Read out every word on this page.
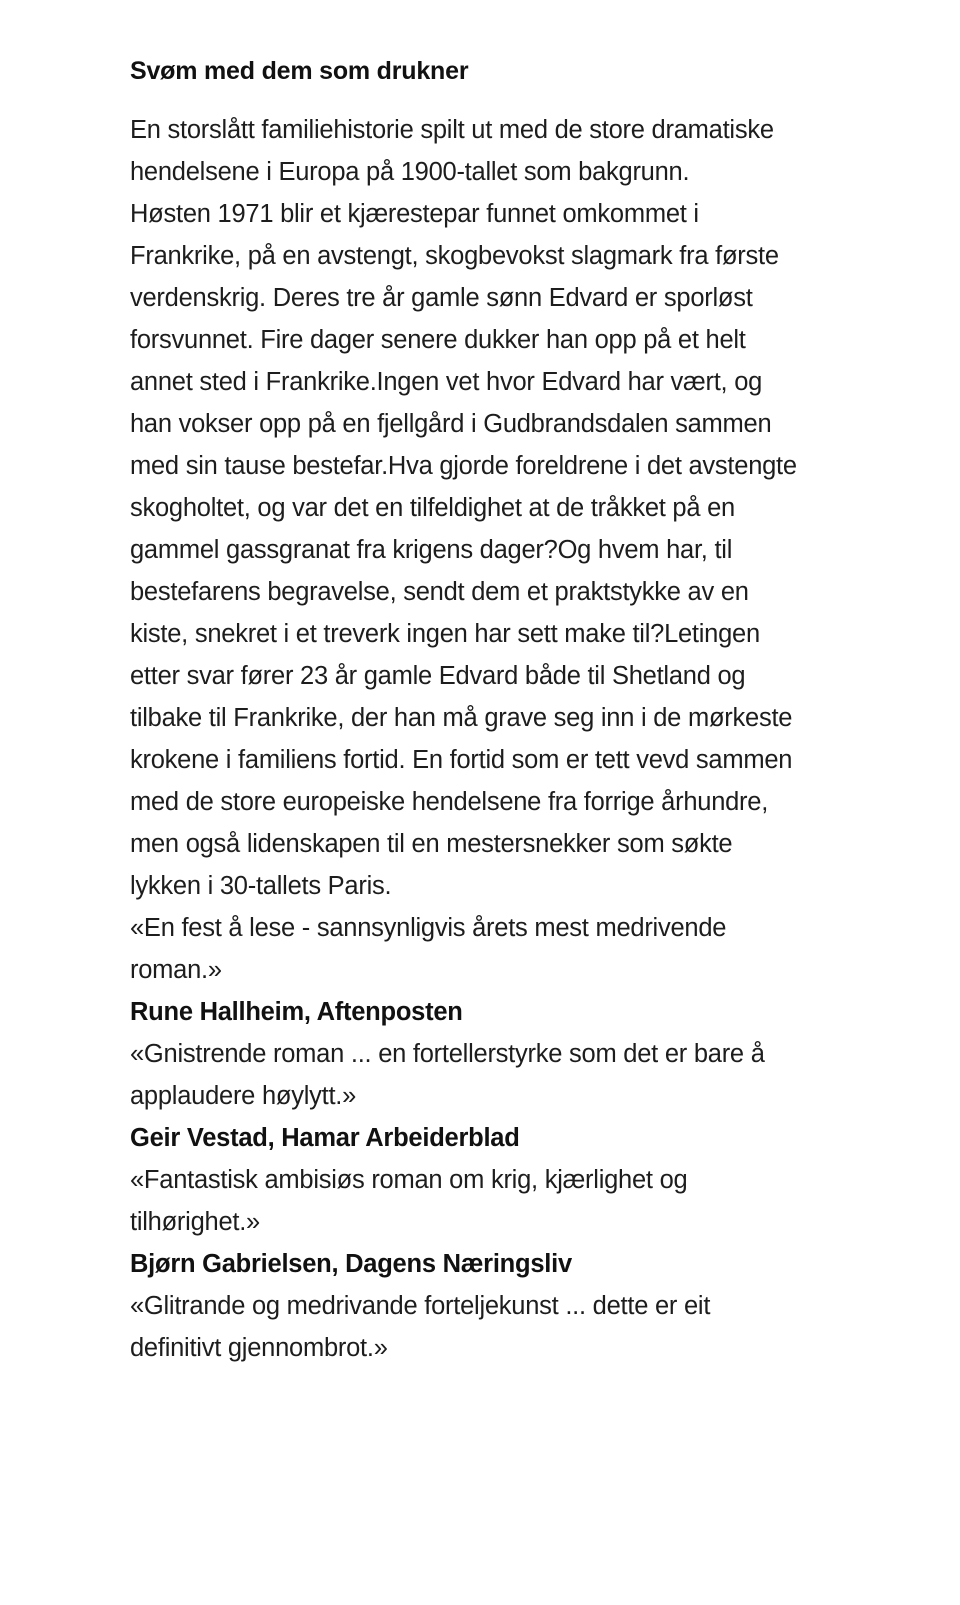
Svøm med dem som drukner

En storslått familiehistorie spilt ut med de store dramatiske hendelsene i Europa på 1900-tallet som bakgrunn.

Høsten 1971 blir et kjærestepar funnet omkommet i Frankrike, på en avstengt, skogbevokst slagmark fra første verdenskrig. Deres tre år gamle sønn Edvard er sporløst forsvunnet. Fire dager senere dukker han opp på et helt annet sted i Frankrike.Ingen vet hvor Edvard har vært, og han vokser opp på en fjellgård i Gudbrandsdalen sammen med sin tause bestefar.Hva gjorde foreldrene i det avstengte skogholtet, og var det en tilfeldighet at de tråkket på en gammel gassgranat fra krigens dager?Og hvem har, til bestefarens begravelse, sendt dem et praktstykke av en kiste, snekret i et treverk ingen har sett make til?Letingen etter svar fører 23 år gamle Edvard både til Shetland og tilbake til Frankrike, der han må grave seg inn i de mørkeste krokene i familiens fortid. En fortid som er tett vevd sammen med de store europeiske hendelsene fra forrige århundre, men også lidenskapen til en mestersnekker som søkte lykken i 30-tallets Paris.

«En fest å lese - sannsynligvis årets mest medrivende roman.»

Rune Hallheim, Aftenposten

«Gnistrende roman ... en fortellerstyrke som det er bare å applaudere høylytt.»

Geir Vestad, Hamar Arbeiderblad

«Fantastisk ambisiøs roman om krig, kjærlighet og tilhørighet.»

Bjørn Gabrielsen, Dagens Næringsliv

«Glitrande og medrivande forteljekunst ... dette er eit definitivt gjennombrot.»
